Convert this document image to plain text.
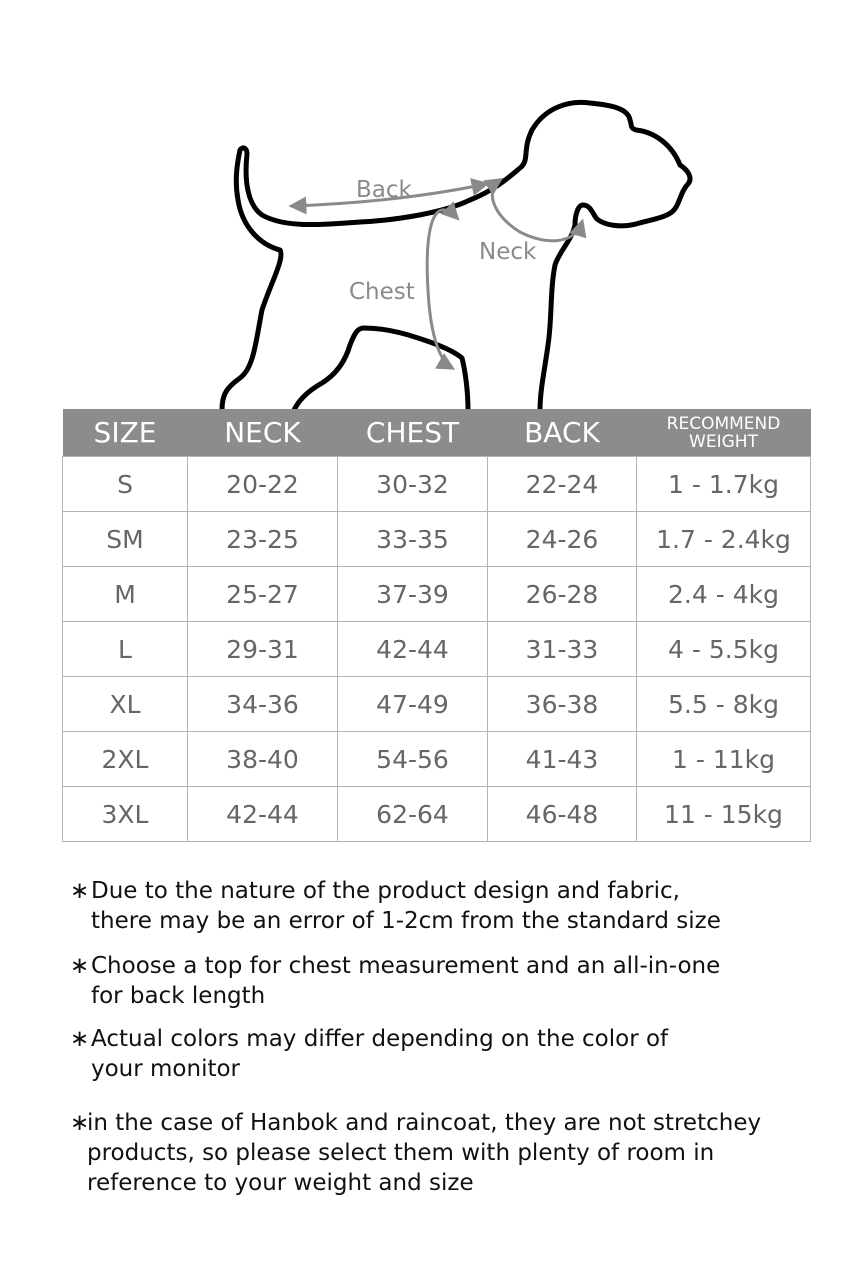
Back
Chest
Neck
SIZE	NECK	CHEST	BACK	RECOMMEND WEIGHT
S	20-22	30-32	22-24	1 - 1.7kg
SM	23-25	33-35	24-26	1.7 - 2.4kg
M	25-27	37-39	26-28	2.4 - 4kg
L	29-31	42-44	31-33	4 - 5.5kg
XL	34-36	47-49	36-38	5.5 - 8kg
2XL	38-40	54-56	41-43	1 - 11kg
3XL	42-44	62-64	46-48	11 - 15kg
∗ Due to the nature of the product design and fabric,
there may be an error of 1-2cm from the standard size
∗ Choose a top for chest measurement and an all-in-one
for back length
∗ Actual colors may differ depending on the color of
your monitor
∗
in the case of Hanbok and raincoat, they are not stretchey
products, so please select them with plenty of room in
reference to your weight and size
